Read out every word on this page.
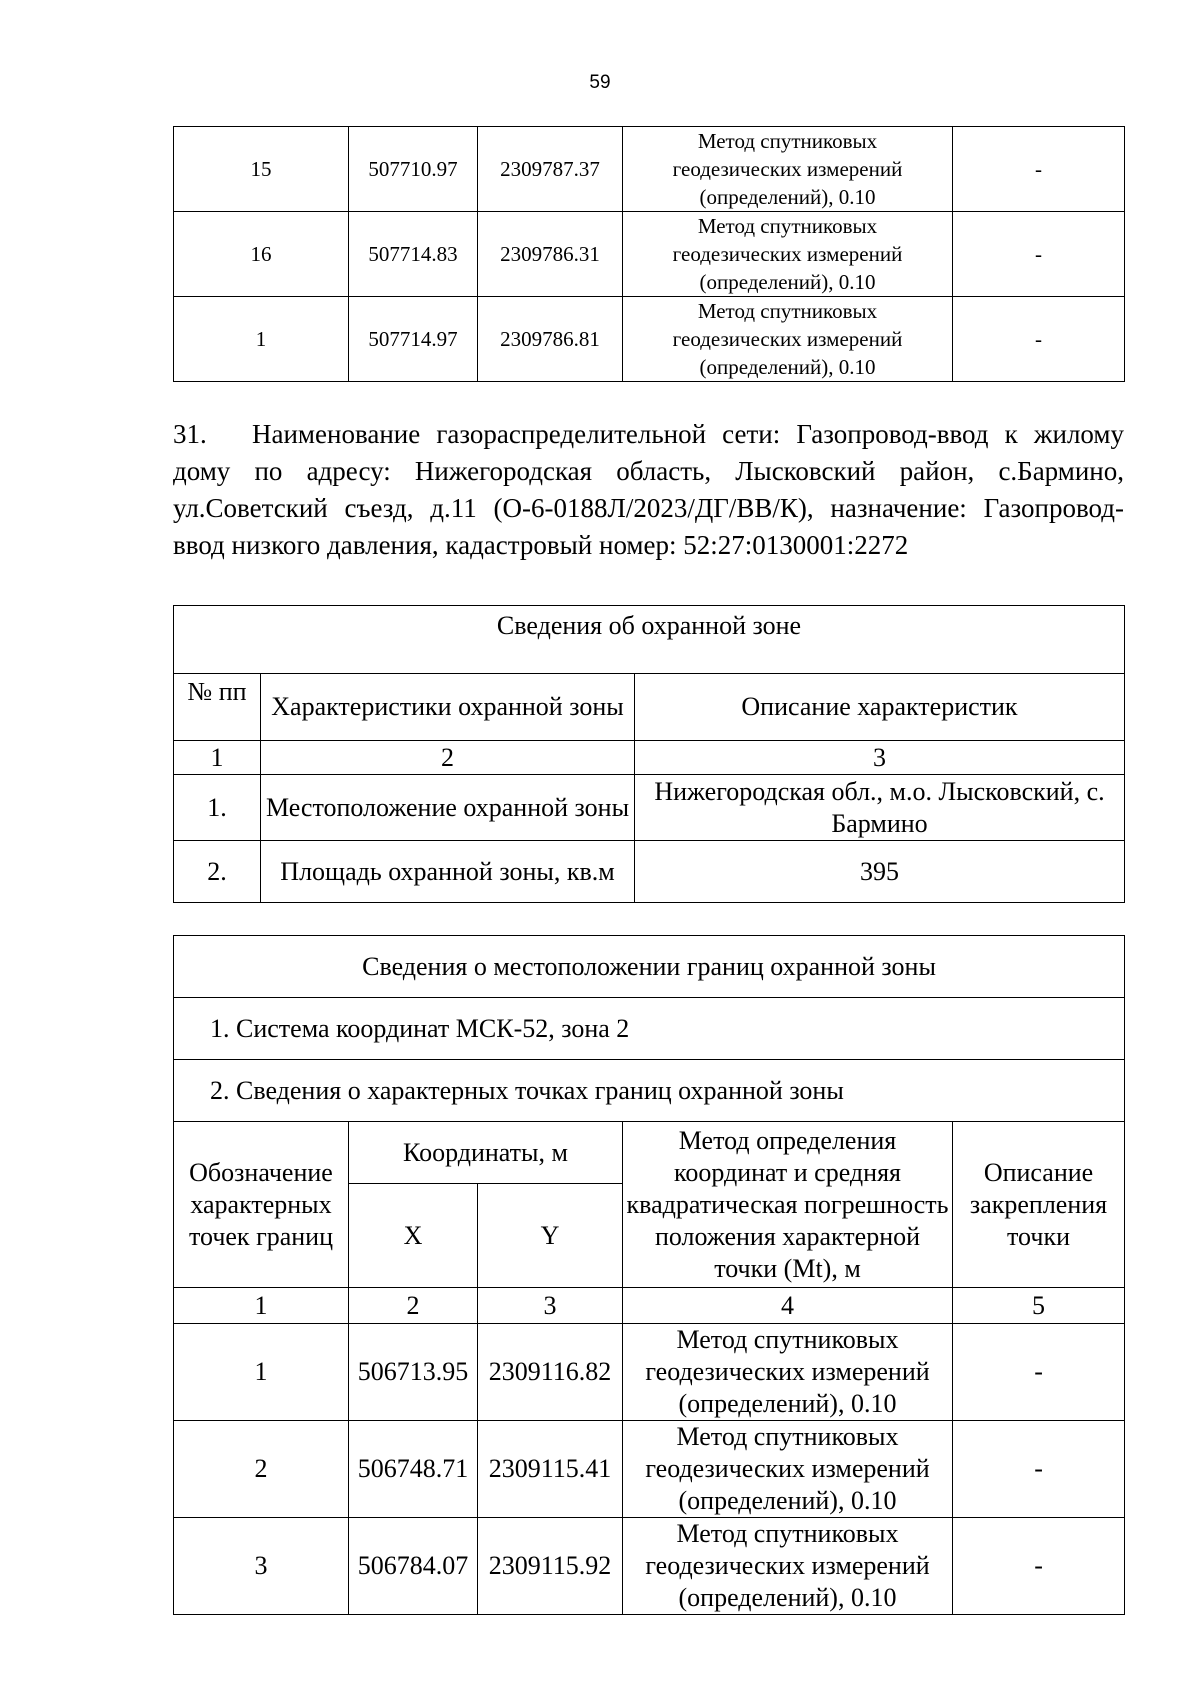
59
15	507710.97	2309787.37	Метод спутниковых
геодезических измерений
(определений), 0.10	-
16	507714.83	2309786.31	Метод спутниковых
геодезических измерений
(определений), 0.10	-
1	507714.97	2309786.81	Метод спутниковых
геодезических измерений
(определений), 0.10	-
31. Наименование газораспределительной сети: Газопровод-ввод к жилому дому по адресу: Нижегородская область, Лысковский район, с.Бармино, ул.Советский съезд, д.11 (О-6-0188Л/2023/ДГ/ВВ/К), назначение: Газопровод-ввод низкого давления, кадастровый номер: 52:27:0130001:2272
Сведения об охранной зоне		
№ пп	Характеристики охранной зоны	Описание характеристик
1	2	3
1.	Местоположение охранной зоны	Нижегородская обл., м.о. Лысковский, с. Бармино
2.	Площадь охранной зоны, кв.м	395
Сведения о местоположении границ охранной зоны				
1. Система координат МСК-52, зона 2				
2. Сведения о характерных точках границ охранной зоны				
Обозначение характерных точек границ	Координаты, м		Метод определения координат и средняя квадратическая погрешность положения характерной точки (Mt), м	Описание закрепления точки
	X	Y		
1	2	3	4	5
1	506713.95	2309116.82	Метод спутниковых
геодезических измерений
(определений), 0.10	-
2	506748.71	2309115.41	Метод спутниковых
геодезических измерений
(определений), 0.10	-
3	506784.07	2309115.92	Метод спутниковых
геодезических измерений
(определений), 0.10	-
